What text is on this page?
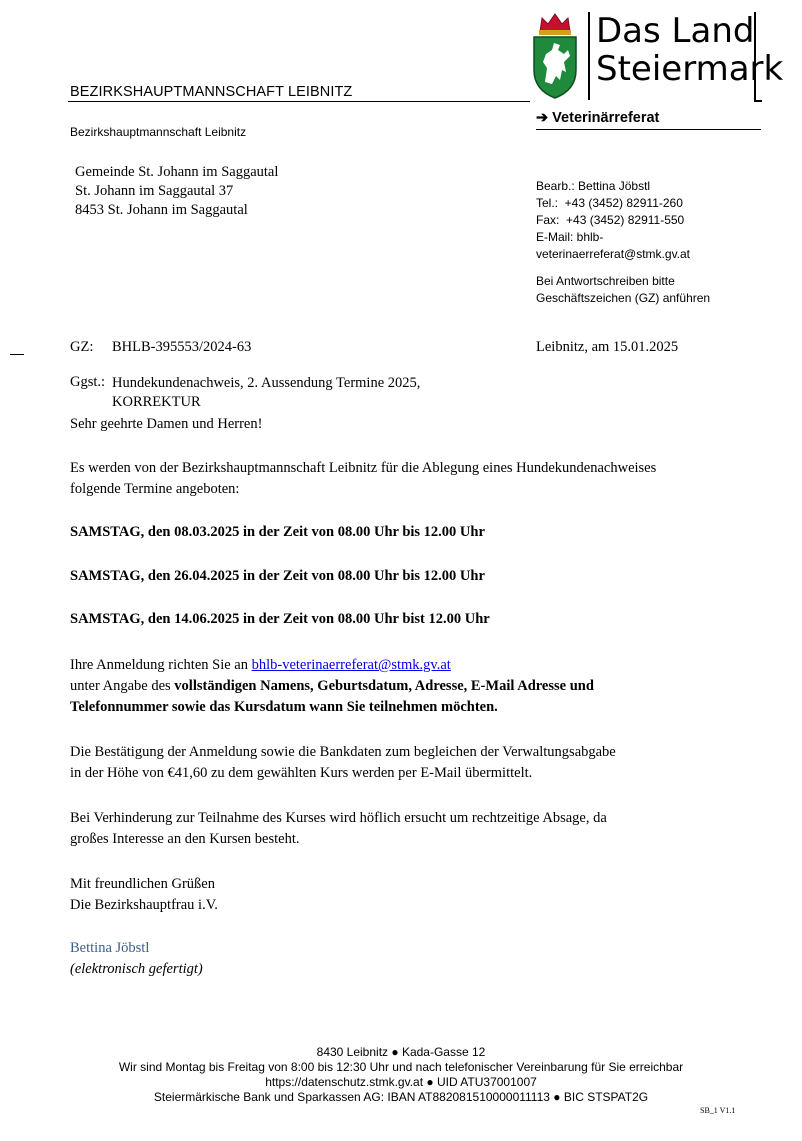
BEZIRKSHAUPTMANNSCHAFT LEIBNITZ
Das Land
Steiermark
➔ Veterinärreferat
Bezirkshauptmannschaft Leibnitz
Gemeinde St. Johann im Saggautal
St. Johann im Saggautal 37
8453 St. Johann im Saggautal
Bearb.: Bettina Jöbstl
Tel.:  +43 (3452) 82911-260
Fax:  +43 (3452) 82911-550
E-Mail: bhlb-
veterinaerreferat@stmk.gv.at
Bei Antwortschreiben bitte
Geschäftszeichen (GZ) anführen
GZ: BHLB-395553/2024-63	Leibnitz, am 15.01.2025
Ggst.: Hundekundenachweis, 2. Aussendung Termine 2025,
KORREKTUR
Sehr geehrte Damen und Herren!
Es werden von der Bezirkshauptmannschaft Leibnitz für die Ablegung eines Hundekundenachweises
folgende Termine angeboten:
SAMSTAG, den 08.03.2025 in der Zeit von 08.00 Uhr bis 12.00 Uhr
SAMSTAG, den 26.04.2025 in der Zeit von 08.00 Uhr bis 12.00 Uhr
SAMSTAG, den 14.06.2025 in der Zeit von 08.00 Uhr bist 12.00 Uhr
Ihre Anmeldung richten Sie an bhlb-veterinaerreferat@stmk.gv.at
unter Angabe des vollständigen Namens, Geburtsdatum, Adresse, E-Mail Adresse und
Telefonnummer sowie das Kursdatum wann Sie teilnehmen möchten.
Die Bestätigung der Anmeldung sowie die Bankdaten zum begleichen der Verwaltungsabgabe
in der Höhe von €41,60 zu dem gewählten Kurs werden per E-Mail übermittelt.
Bei Verhinderung zur Teilnahme des Kurses wird höflich ersucht um rechtzeitige Absage, da
großes Interesse an den Kursen besteht.
Mit freundlichen Grüßen
Die Bezirkshauptfrau i.V.
Bettina Jöbstl
(elektronisch gefertigt)
8430 Leibnitz ● Kada-Gasse 12
Wir sind Montag bis Freitag von 8:00 bis 12:30 Uhr und nach telefonischer Vereinbarung für Sie erreichbar
https://datenschutz.stmk.gv.at ● UID ATU37001007
Steiermärkische Bank und Sparkassen AG: IBAN AT882081510000011113 ● BIC STSPAT2G
SB_1 V1.1
